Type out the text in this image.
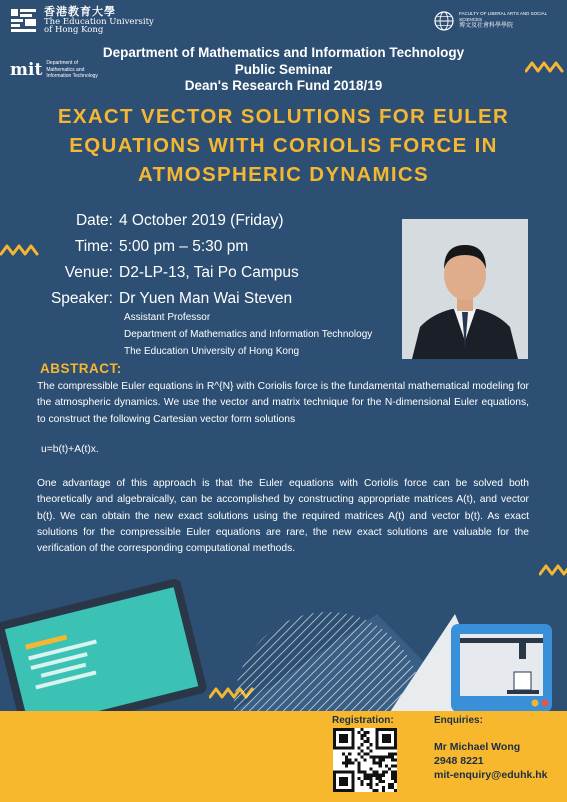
香港教育大學
The Education University
of Hong Kong
FACULTY OF LIBERAL ARTS AND SOCIAL SCIENCES
博文及社會科學學院
Department of Mathematics and Information Technology
Public Seminar
Dean's Research Fund 2018/19
EXACT VECTOR SOLUTIONS FOR EULER
EQUATIONS WITH CORIOLIS FORCE IN
ATMOSPHERIC DYNAMICS
Date: 4 October 2019 (Friday)
Time: 5:00 pm – 5:30 pm
Venue: D2-LP-13, Tai Po Campus
Speaker: Dr Yuen Man Wai Steven
Assistant Professor
Department of Mathematics and Information Technology
The Education University of Hong Kong
ABSTRACT:

The compressible Euler equations in R^{N} with Coriolis force is the fundamental mathematical modeling for the atmospheric dynamics. We use the vector and matrix technique for the N-dimensional Euler equations, to construct the following Cartesian vector form solutions

u=b(t)+A(t)x.

One advantage of this approach is that the Euler equations with Coriolis force can be solved both theoretically and algebraically, can be accomplished by constructing appropriate matrices A(t), and vector b(t). We can obtain the new exact solutions using the required matrices A(t) and vector b(t). As exact solutions for the compressible Euler equations are rare, the new exact solutions are valuable for the verification of the corresponding computational methods.

mit Department of
Mathematics and
Information Technology
Registration:	Enquiries:
Mr Michael Wong
2948 8221
mit-enquiry@eduhk.hk
